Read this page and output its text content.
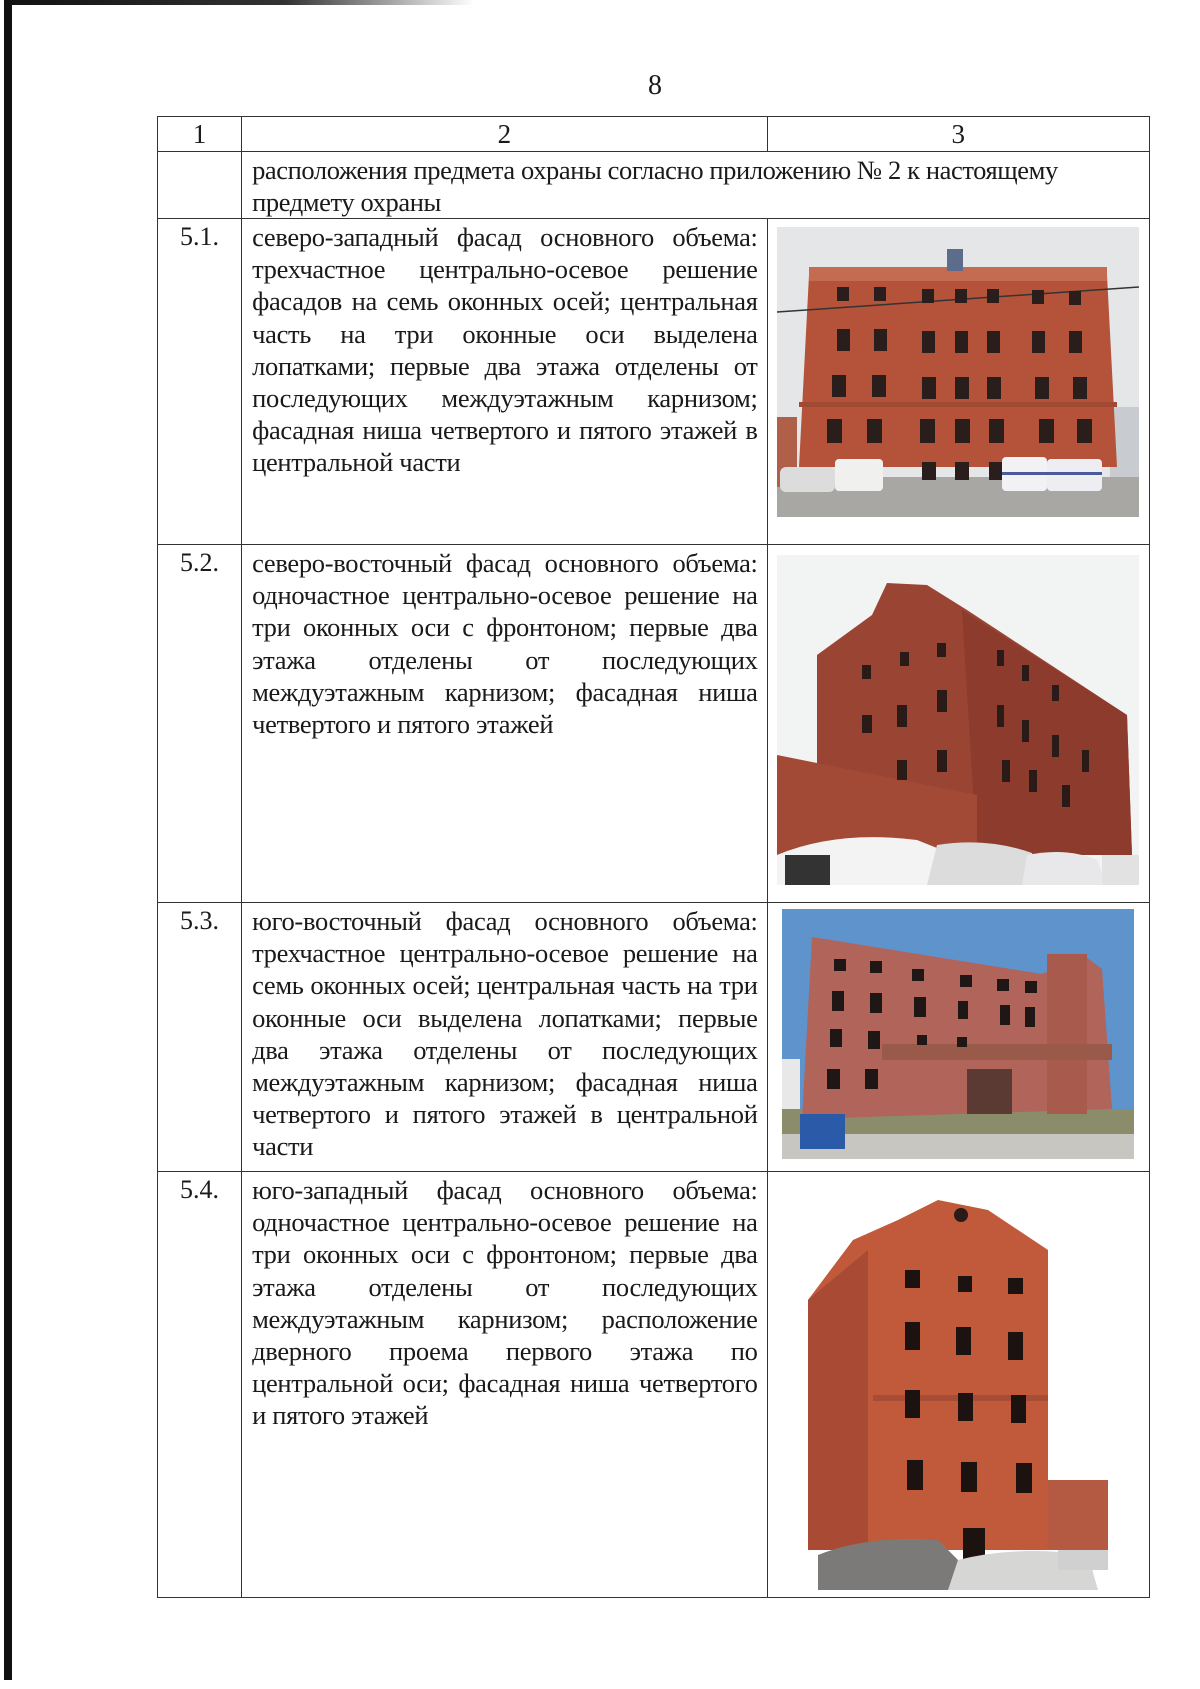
8
1	2	3
	расположения предмета охраны согласно приложению № 2 к настоящему предмету охраны	
5.1.	северо-западный фасад основного объема: трехчастное центрально-осевое решение фасадов на семь оконных осей; центральная часть на три оконные оси выделена лопатками; первые два этажа отделены от последующих междуэтажным карнизом; фасадная ниша четвертого и пятого этажей в центральной части	

5.2.	северо-восточный фасад основного объема: одночастное центрально-осевое решение на три оконных оси с фронтоном; первые два этажа отделены от последующих междуэтажным карнизом; фасадная ниша четвертого и пятого этажей	

5.3.	юго-восточный фасад основного объема: трехчастное центрально-осевое решение на семь оконных осей; центральная часть на три оконные оси выделена лопатками; первые два этажа отделены от последующих междуэтажным карнизом; фасадная ниша четвертого и пятого этажей в центральной части	

5.4.	юго-западный фасад основного объема: одночастное центрально-осевое решение на три оконных оси с фронтоном; первые два этажа отделены от последующих междуэтажным карнизом; расположение дверного проема первого этажа по центральной оси; фасадная ниша четвертого и пятого этажей	
